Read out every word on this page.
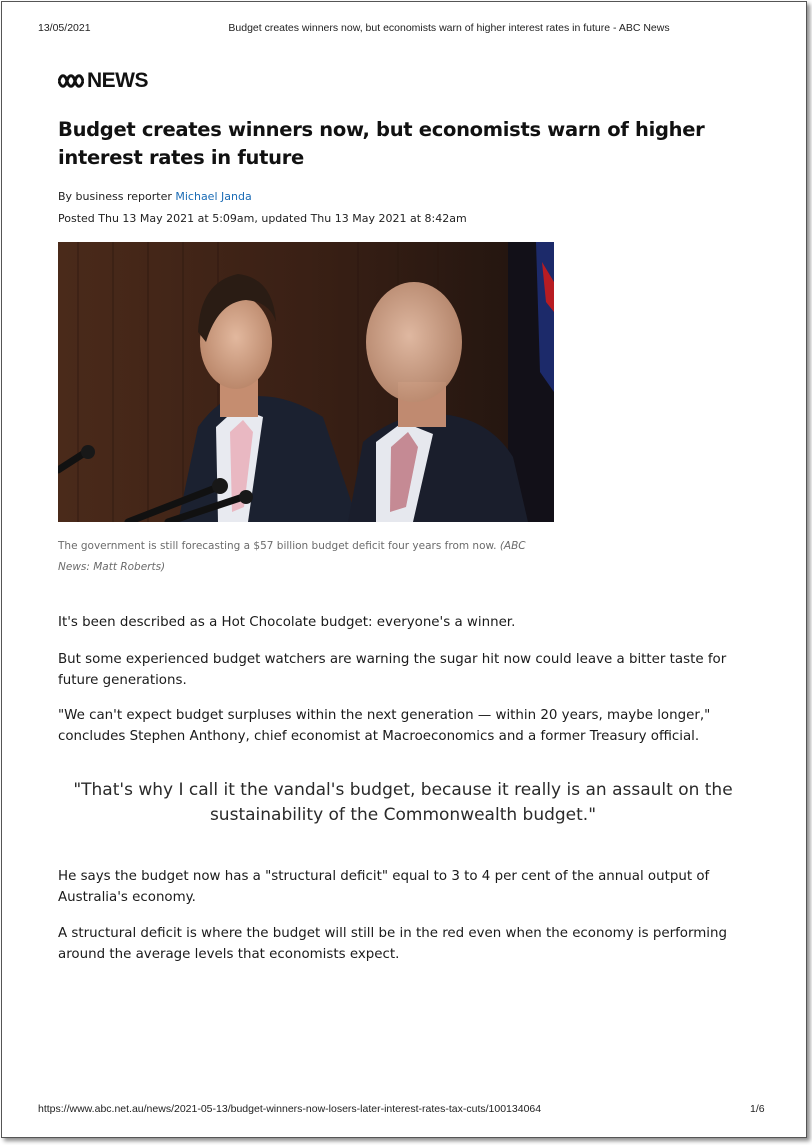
13/05/2021	Budget creates winners now, but economists warn of higher interest rates in future - ABC News
NEWS
Budget creates winners now, but economists warn of higher interest rates in future
By business reporter Michael Janda
Posted Thu 13 May 2021 at 5:09am, updated Thu 13 May 2021 at 8:42am
The government is still forecasting a $57 billion budget deficit four years from now. (ABC News: Matt Roberts)

It's been described as a Hot Chocolate budget: everyone's a winner.

But some experienced budget watchers are warning the sugar hit now could leave a bitter taste for future generations.

"We can't expect budget surpluses within the next generation — within 20 years, maybe longer," concludes Stephen Anthony, chief economist at Macroeconomics and a former Treasury official.

"That's why I call it the vandal's budget, because it really is an assault on the sustainability of the Commonwealth budget."

He says the budget now has a "structural deficit" equal to 3 to 4 per cent of the annual output of Australia's economy.

A structural deficit is where the budget will still be in the red even when the economy is performing around the average levels that economists expect.

https://www.abc.net.au/news/2021-05-13/budget-winners-now-losers-later-interest-rates-tax-cuts/100134064	1/6
